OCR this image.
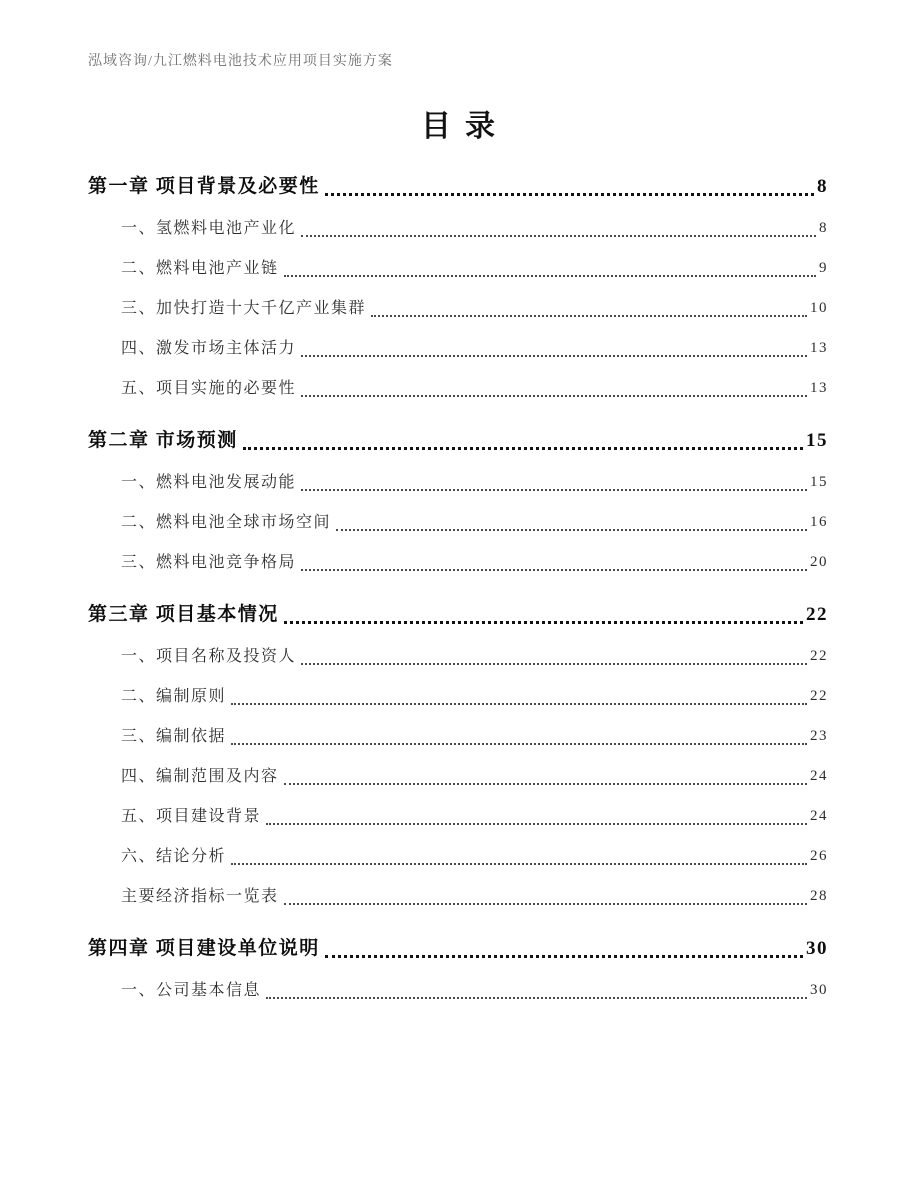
泓域咨询/九江燃料电池技术应用项目实施方案
目录
第一章 项目背景及必要性	8
一、氢燃料电池产业化	8
二、燃料电池产业链	9
三、加快打造十大千亿产业集群	10
四、激发市场主体活力	13
五、项目实施的必要性	13
第二章 市场预测	15
一、燃料电池发展动能	15
二、燃料电池全球市场空间	16
三、燃料电池竞争格局	20
第三章 项目基本情况	22
一、项目名称及投资人	22
二、编制原则	22
三、编制依据	23
四、编制范围及内容	24
五、项目建设背景	24
六、结论分析	26
主要经济指标一览表	28
第四章 项目建设单位说明	30
一、公司基本信息	30
